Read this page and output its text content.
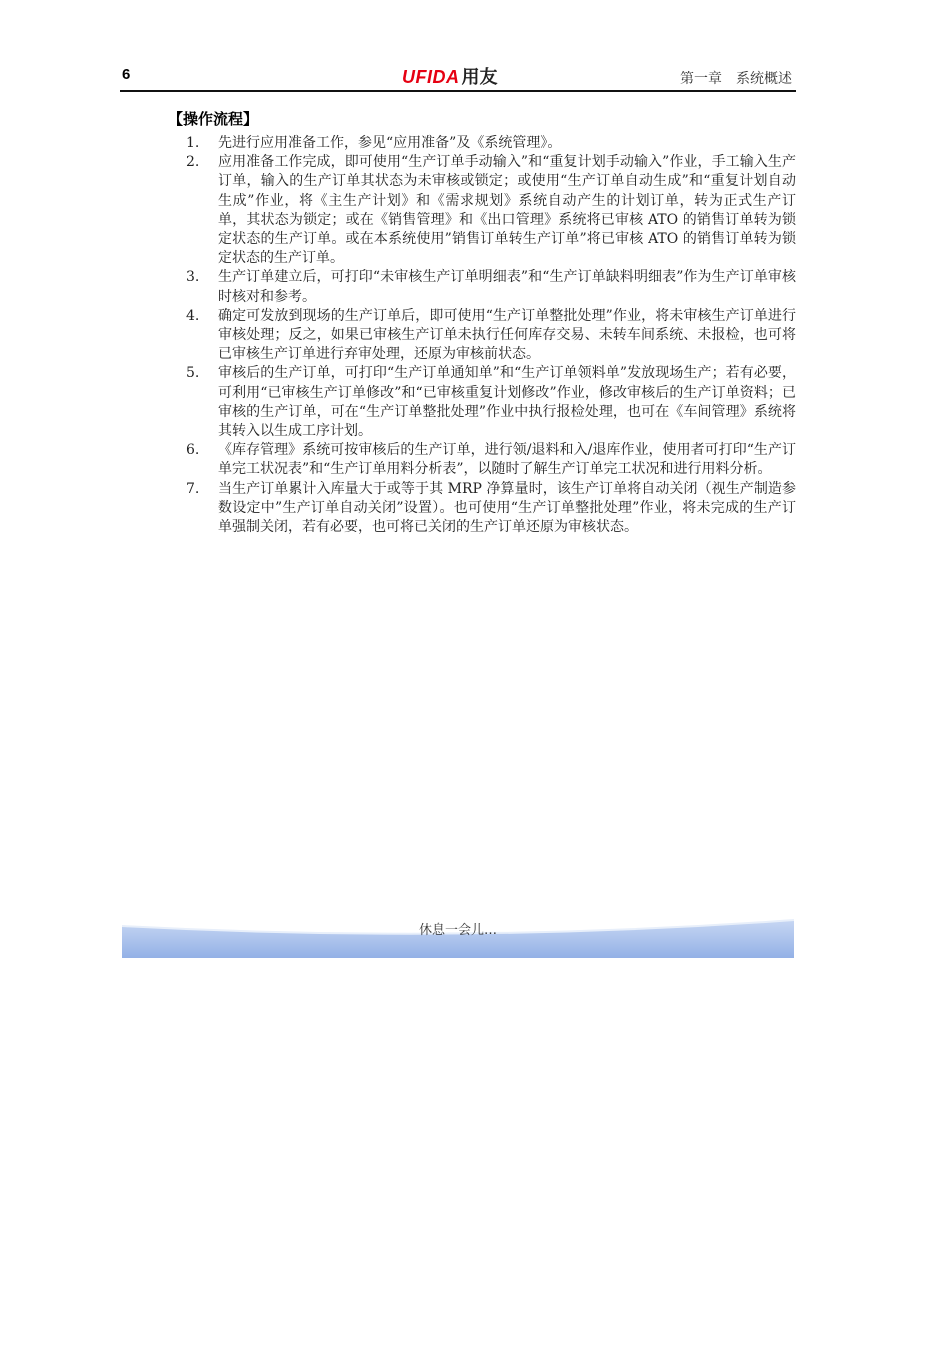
6	UFIDA 用友	第一章　系统概述
【操作流程】
1.	先进行应用准备工作，参见“应用准备”及《系统管理》。
2.	应用准备工作完成，即可使用“生产订单手动输入”和“重复计划手动输入”作业，手工输入生产订单，输入的生产订单其状态为未审核或锁定；或使用“生产订单自动生成”和“重复计划自动生成”作业，将《主生产计划》和《需求规划》系统自动产生的计划订单，转为正式生产订单，其状态为锁定；或在《销售管理》和《出口管理》系统将已审核 ATO 的销售订单转为锁定状态的生产订单。或在本系统使用”销售订单转生产订单”将已审核 ATO 的销售订单转为锁定状态的生产订单。
3.	生产订单建立后，可打印“未审核生产订单明细表”和“生产订单缺料明细表”作为生产订单审核时核对和参考。
4.	确定可发放到现场的生产订单后，即可使用“生产订单整批处理”作业，将未审核生产订单进行审核处理；反之，如果已审核生产订单未执行任何库存交易、未转车间系统、未报检，也可将已审核生产订单进行弃审处理，还原为审核前状态。
5.	审核后的生产订单，可打印“生产订单通知单”和“生产订单领料单”发放现场生产；若有必要，可利用“已审核生产订单修改”和“已审核重复计划修改”作业，修改审核后的生产订单资料；已审核的生产订单，可在“生产订单整批处理”作业中执行报检处理，也可在《车间管理》系统将其转入以生成工序计划。
6.	《库存管理》系统可按审核后的生产订单，进行领/退料和入/退库作业，使用者可打印“生产订单完工状况表”和“生产订单用料分析表”，以随时了解生产订单完工状况和进行用料分析。
7.	当生产订单累计入库量大于或等于其 MRP 净算量时，该生产订单将自动关闭（视生产制造参数设定中”生产订单自动关闭”设置）。也可使用“生产订单整批处理”作业，将未完成的生产订单强制关闭，若有必要，也可将已关闭的生产订单还原为审核状态。
休息一会儿…
